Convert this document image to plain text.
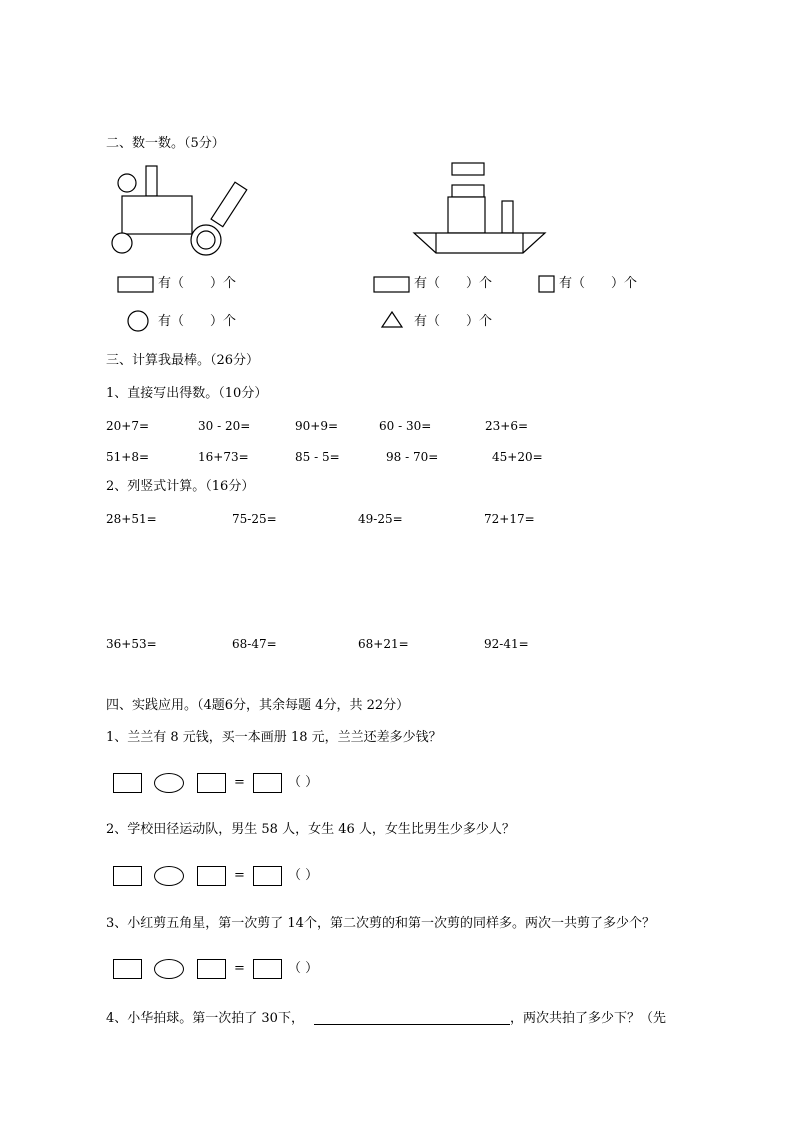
二、数一数。（5分）
有（　　）个
有（　　）个
有（　　）个	有（　　）个
有（　　）个
三、计算我最棒。（26分）
1、直接写出得数。（10分）
20+7=	30 - 20=	90+9=	60 - 30=	23+6=
51+8=	16+73=	85 - 5=	98 - 70=	45+20=
2、列竖式计算。（16分）
28+51=	75-25=	49-25=	72+17=
36+53=	68-47=	68+21=	92-41=
四、实践应用。（4题6分，其余每题 4分，共 22分）
1、兰兰有 8 元钱，买一本画册 18 元，兰兰还差多少钱？
=	（ ）
2、学校田径运动队，男生 58 人，女生 46 人，女生比男生少多少人？
=	（ ）
3、小红剪五角星，第一次剪了 14个，第二次剪的和第一次剪的同样多。两次一共剪了多少个？
=	（ ）
4、小华拍球。第一次拍了 30下，	，两次共拍了多少下？（先
